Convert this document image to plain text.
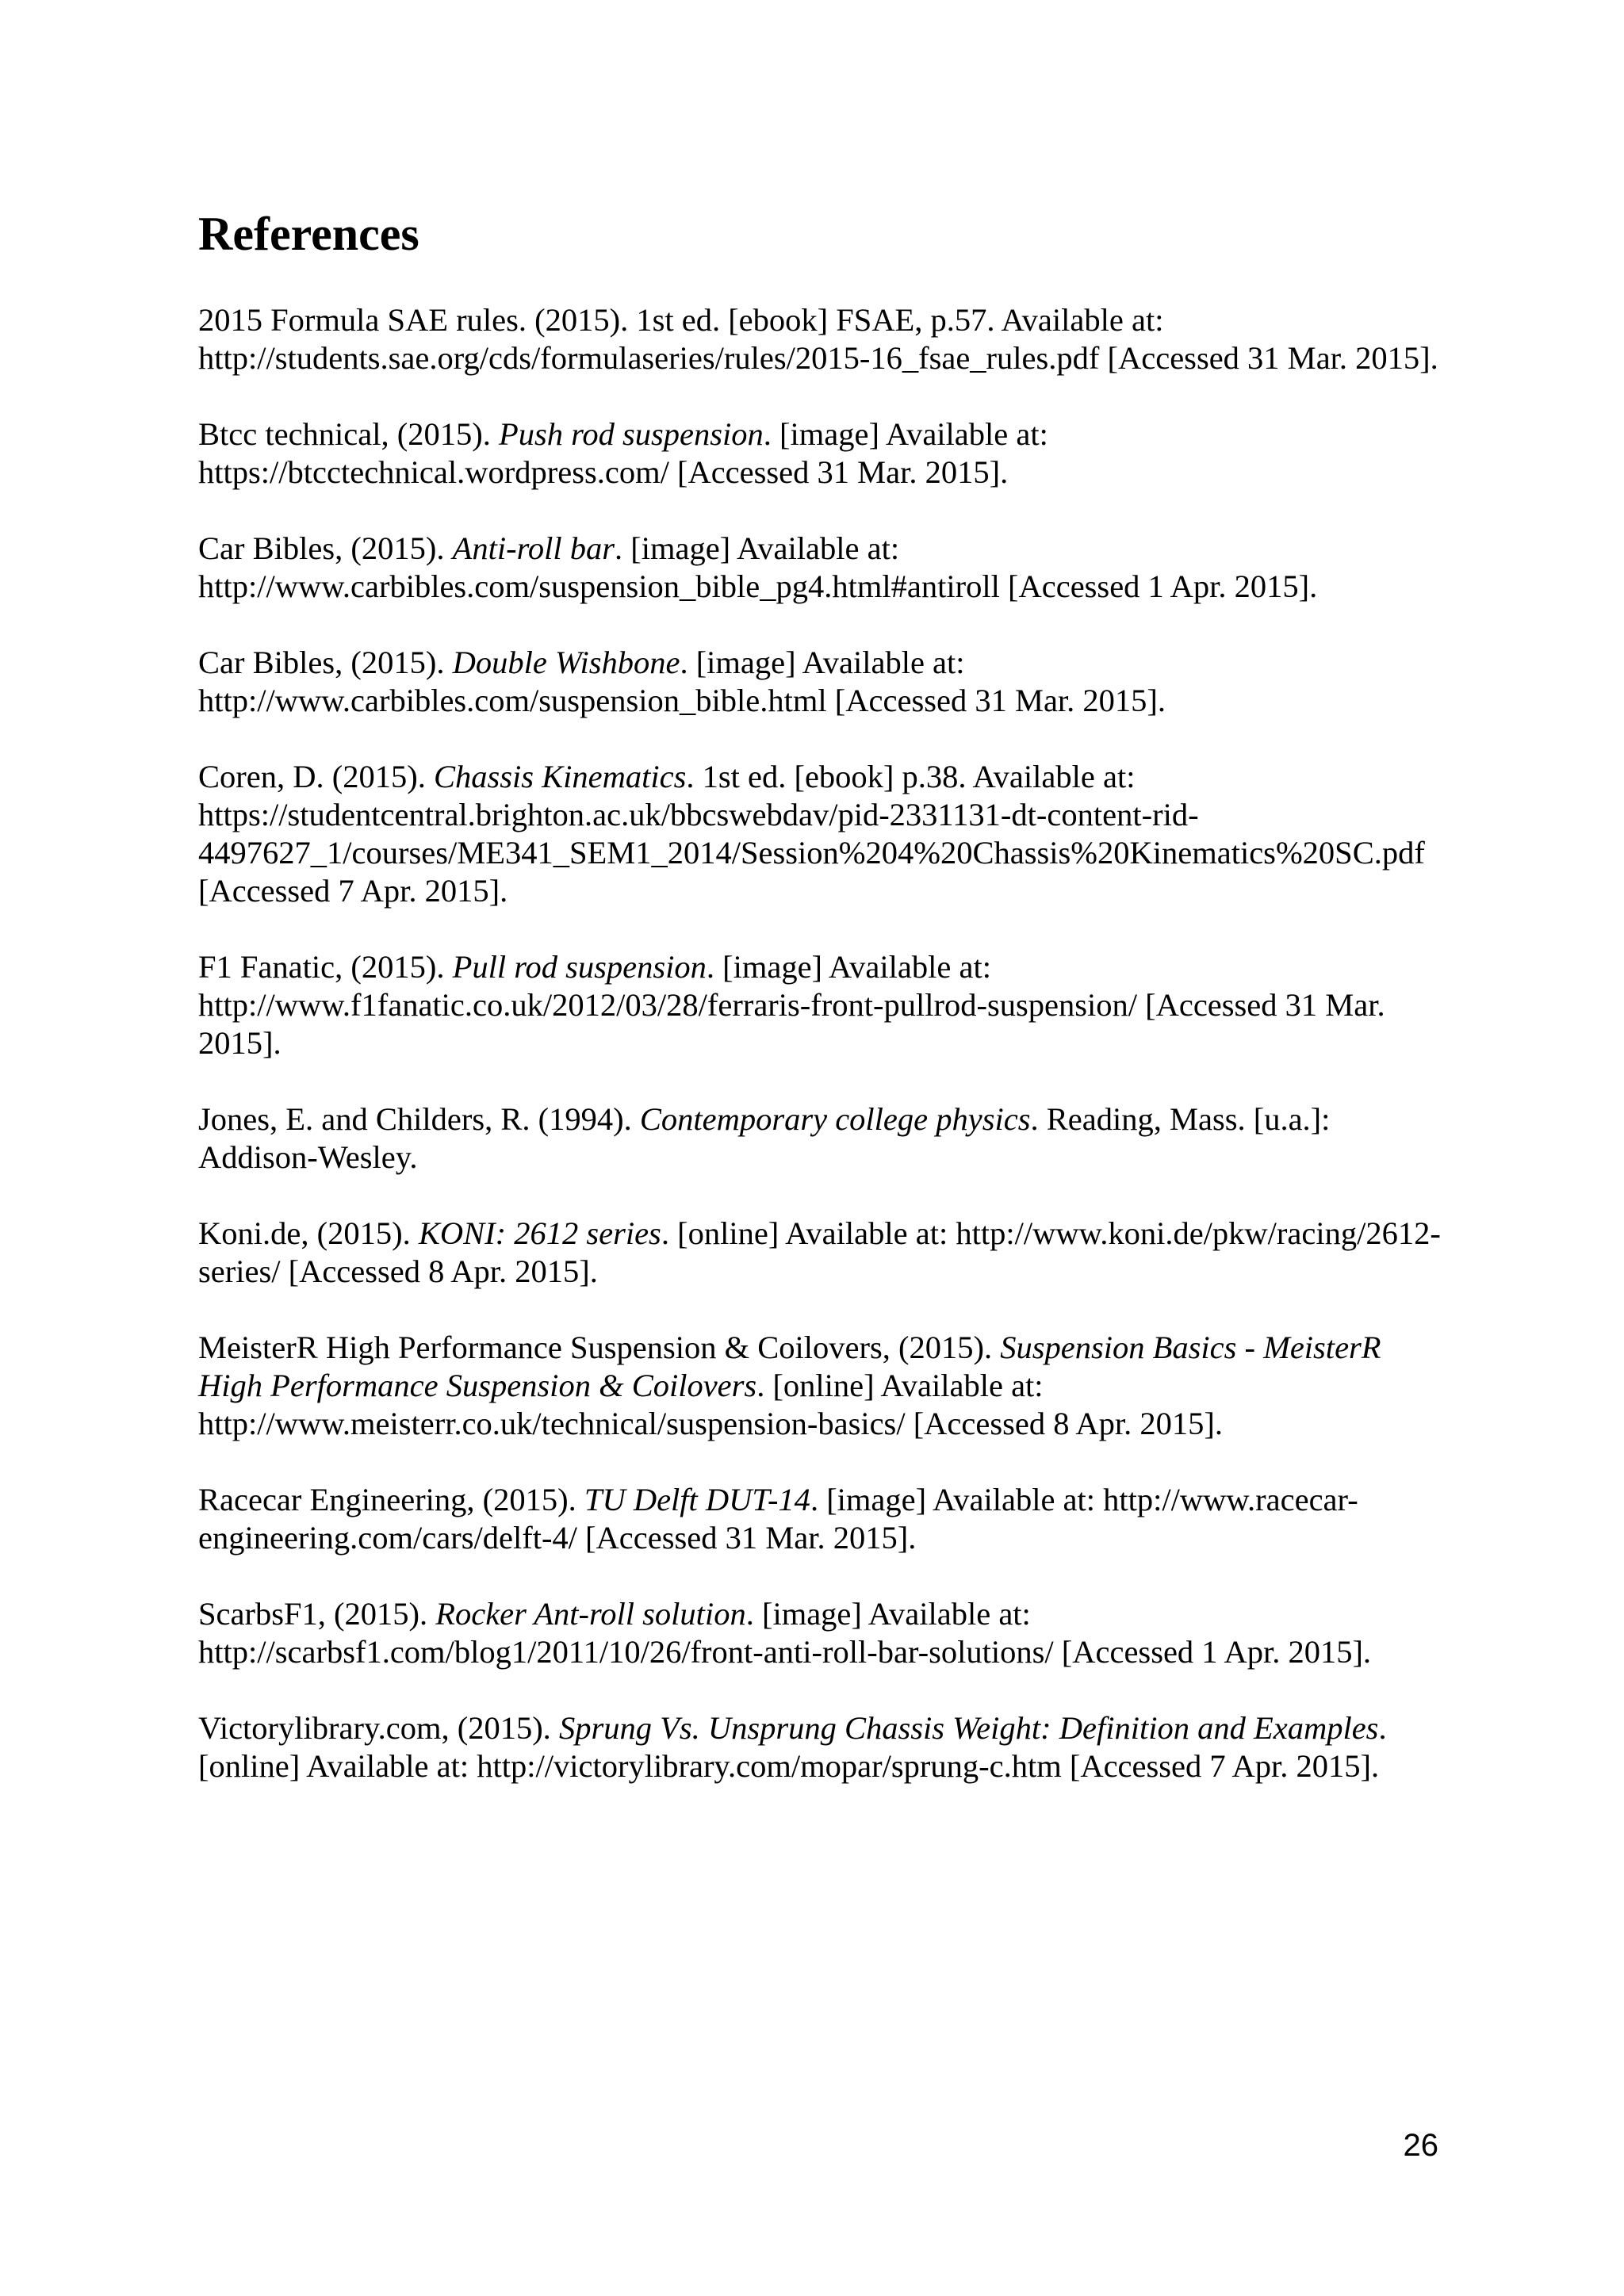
References

2015 Formula SAE rules. (2015). 1st ed. [ebook] FSAE, p.57. Available at: http://students.sae.org/cds/formulaseries/rules/2015-16_fsae_rules.pdf [Accessed 31 Mar. 2015].

Btcc technical, (2015). Push rod suspension. [image] Available at: https://btcctechnical.wordpress.com/ [Accessed 31 Mar. 2015].

Car Bibles, (2015). Anti-roll bar. [image] Available at: http://www.carbibles.com/suspension_bible_pg4.html#antiroll [Accessed 1 Apr. 2015].

Car Bibles, (2015). Double Wishbone. [image] Available at: http://www.carbibles.com/suspension_bible.html [Accessed 31 Mar. 2015].

Coren, D. (2015). Chassis Kinematics. 1st ed. [ebook] p.38. Available at: https://studentcentral.brighton.ac.uk/bbcswebdav/pid-2331131-dt-content-rid-4497627_1/courses/ME341_SEM1_2014/Session%204%20Chassis%20Kinematics%20SC.pdf [Accessed 7 Apr. 2015].

F1 Fanatic, (2015). Pull rod suspension. [image] Available at: http://www.f1fanatic.co.uk/2012/03/28/ferraris-front-pullrod-suspension/ [Accessed 31 Mar. 2015].

Jones, E. and Childers, R. (1994). Contemporary college physics. Reading, Mass. [u.a.]: Addison-Wesley.

Koni.de, (2015). KONI: 2612 series. [online] Available at: http://www.koni.de/pkw/racing/2612-series/ [Accessed 8 Apr. 2015].

MeisterR High Performance Suspension & Coilovers, (2015). Suspension Basics - MeisterR High Performance Suspension & Coilovers. [online] Available at: http://www.meisterr.co.uk/technical/suspension-basics/ [Accessed 8 Apr. 2015].

Racecar Engineering, (2015). TU Delft DUT-14. [image] Available at: http://www.racecar-engineering.com/cars/delft-4/ [Accessed 31 Mar. 2015].

ScarbsF1, (2015). Rocker Ant-roll solution. [image] Available at: http://scarbsf1.com/blog1/2011/10/26/front-anti-roll-bar-solutions/ [Accessed 1 Apr. 2015].

Victorylibrary.com, (2015). Sprung Vs. Unsprung Chassis Weight: Definition and Examples. [online] Available at: http://victorylibrary.com/mopar/sprung-c.htm [Accessed 7 Apr. 2015].

26
